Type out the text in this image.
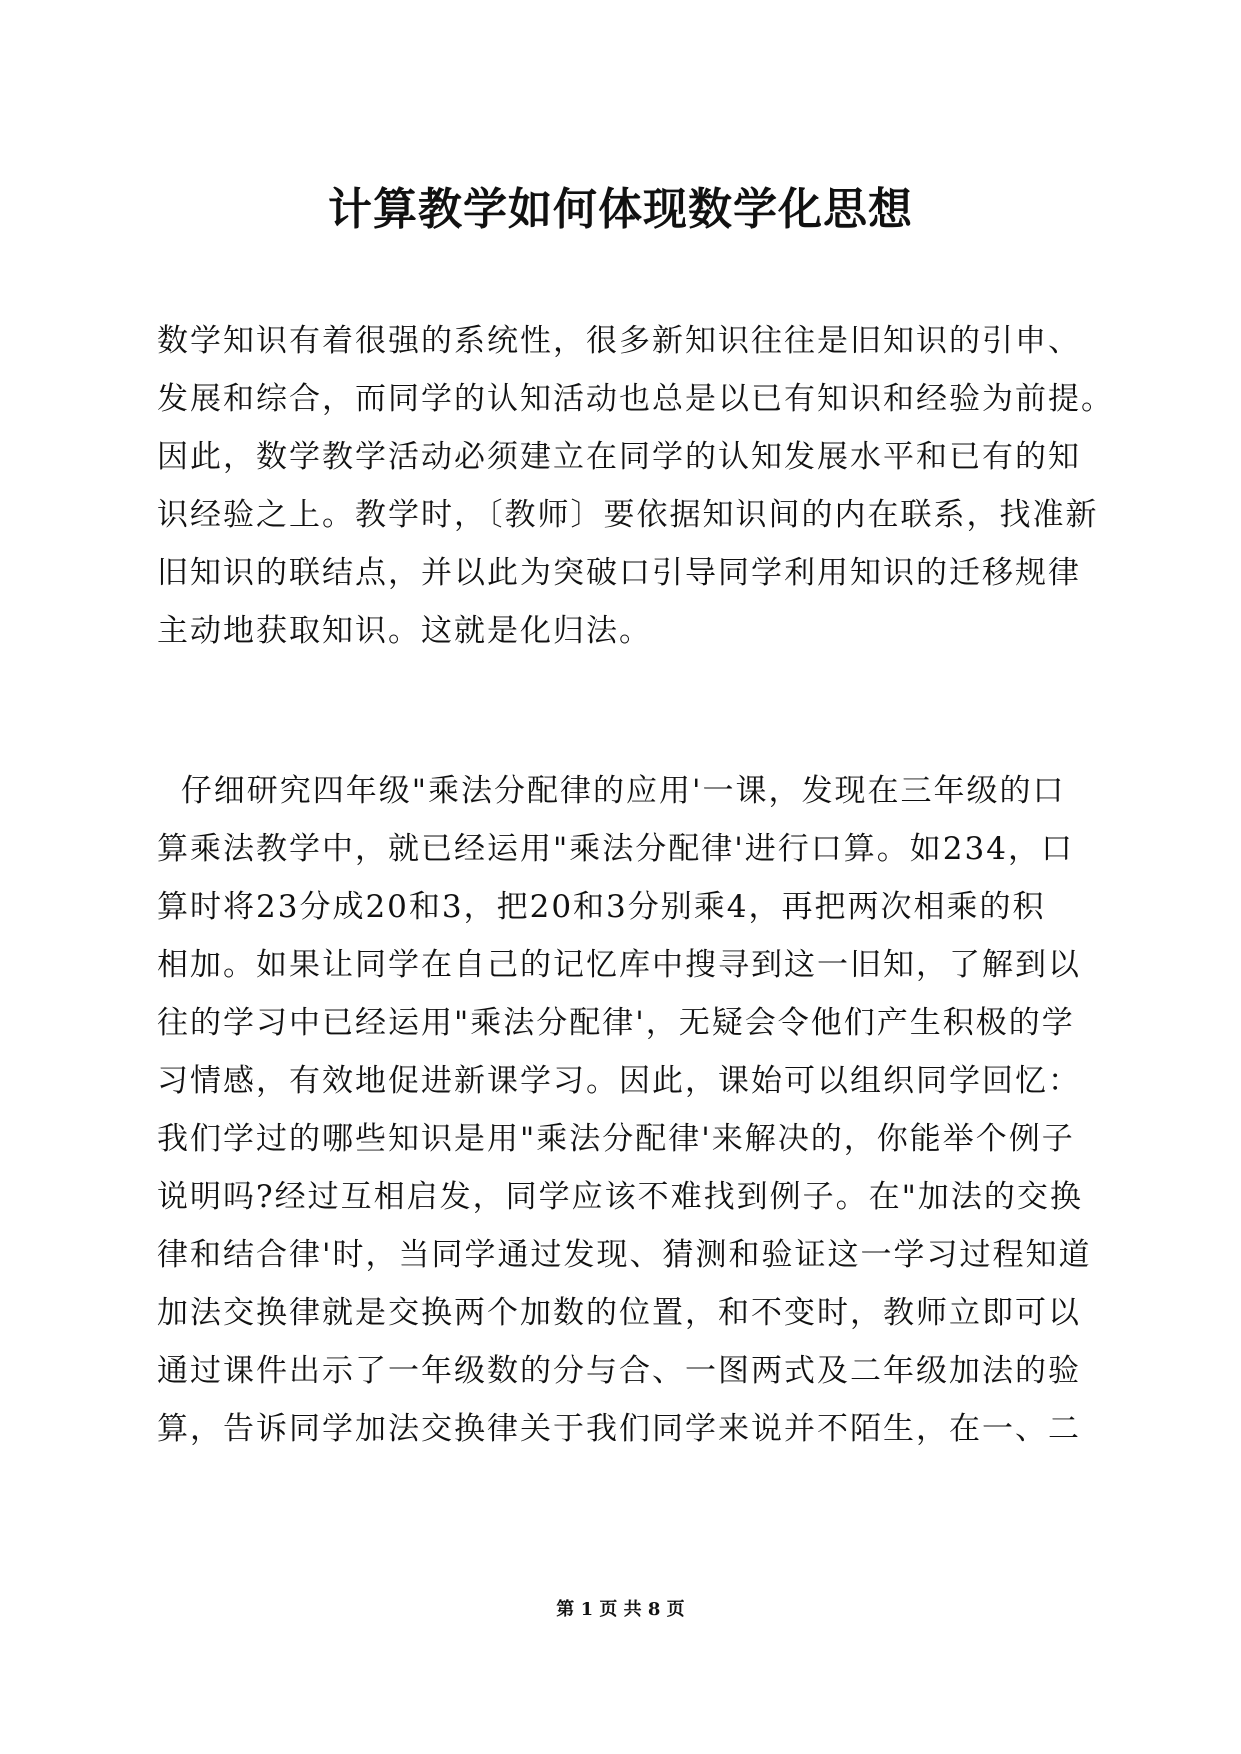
计算教学如何体现数学化思想
数学知识有着很强的系统性，很多新知识往往是旧知识的引申、
发展和综合，而同学的认知活动也总是以已有知识和经验为前提。
因此，数学教学活动必须建立在同学的认知发展水平和已有的知
识经验之上。教学时，〔教师〕要依据知识间的内在联系，找准新
旧知识的联结点，并以此为突破口引导同学利用知识的迁移规律
主动地获取知识。这就是化归法。
仔细研究四年级"乘法分配律的应用'一课，发现在三年级的口
算乘法教学中，就已经运用"乘法分配律'进行口算。如234，口
算时将23分成20和3，把20和3分别乘4，再把两次相乘的积
相加。如果让同学在自己的记忆库中搜寻到这一旧知，了解到以
往的学习中已经运用"乘法分配律'，无疑会令他们产生积极的学
习情感，有效地促进新课学习。因此，课始可以组织同学回忆：
我们学过的哪些知识是用"乘法分配律'来解决的，你能举个例子
说明吗?经过互相启发，同学应该不难找到例子。在"加法的交换
律和结合律'时，当同学通过发现、猜测和验证这一学习过程知道
加法交换律就是交换两个加数的位置，和不变时，教师立即可以
通过课件出示了一年级数的分与合、一图两式及二年级加法的验
算，告诉同学加法交换律关于我们同学来说并不陌生，在一、二
第 1 页 共 8 页
